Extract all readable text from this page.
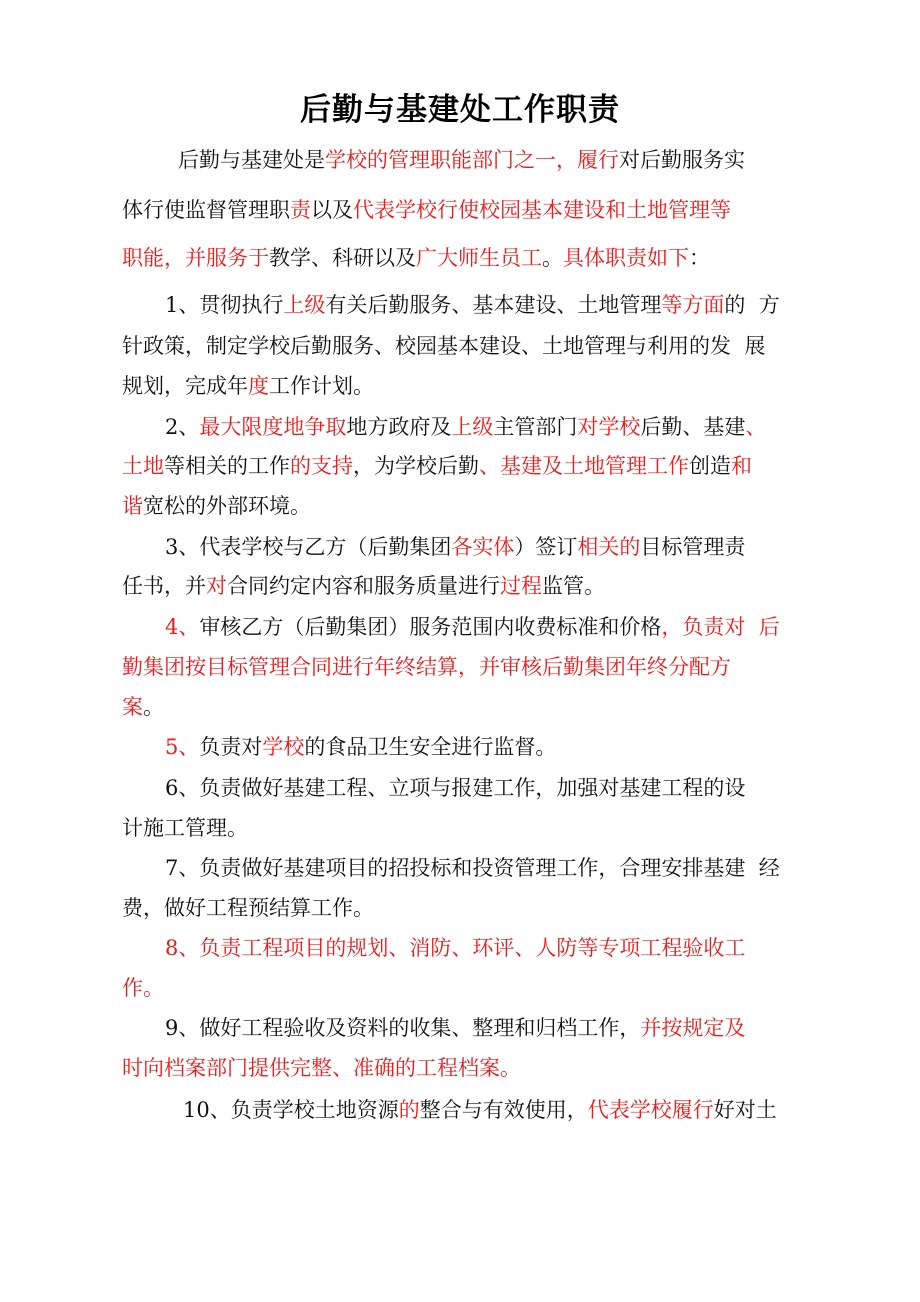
后勤与基建处工作职责
后勤与基建处是学校的管理职能部门之一，履行对后勤服务实
体行使监督管理职责以及代表学校行使校园基本建设和土地管理等
职能，并服务于教学、科研以及广大师生员工。具体职责如下：
1、贯彻执行上级有关后勤服务、基本建设、土地管理等方面的  方
针政策，制定学校后勤服务、校园基本建设、土地管理与利用的发  展
规划，完成年度工作计划。
2、最大限度地争取地方政府及上级主管部门对学校后勤、基建、
土地等相关的工作的支持，为学校后勤、基建及土地管理工作创造和
谐宽松的外部环境。
3、代表学校与乙方（后勤集团各实体）签订相关的目标管理责
任书，并对合同约定内容和服务质量进行过程监管。
4、审核乙方（后勤集团）服务范围内收费标准和价格，负责对  后
勤集团按目标管理合同进行年终结算，并审核后勤集团年终分配方
案。
5、负责对学校的食品卫生安全进行监督。
6、负责做好基建工程、立项与报建工作，加强对基建工程的设
计施工管理。
7、负责做好基建项目的招投标和投资管理工作，合理安排基建  经
费，做好工程预结算工作。
8、负责工程项目的规划、消防、环评、人防等专项工程验收工
作。
9、做好工程验收及资料的收集、整理和归档工作，并按规定及
时向档案部门提供完整、准确的工程档案。
10、负责学校土地资源的整合与有效使用，代表学校履行好对土
